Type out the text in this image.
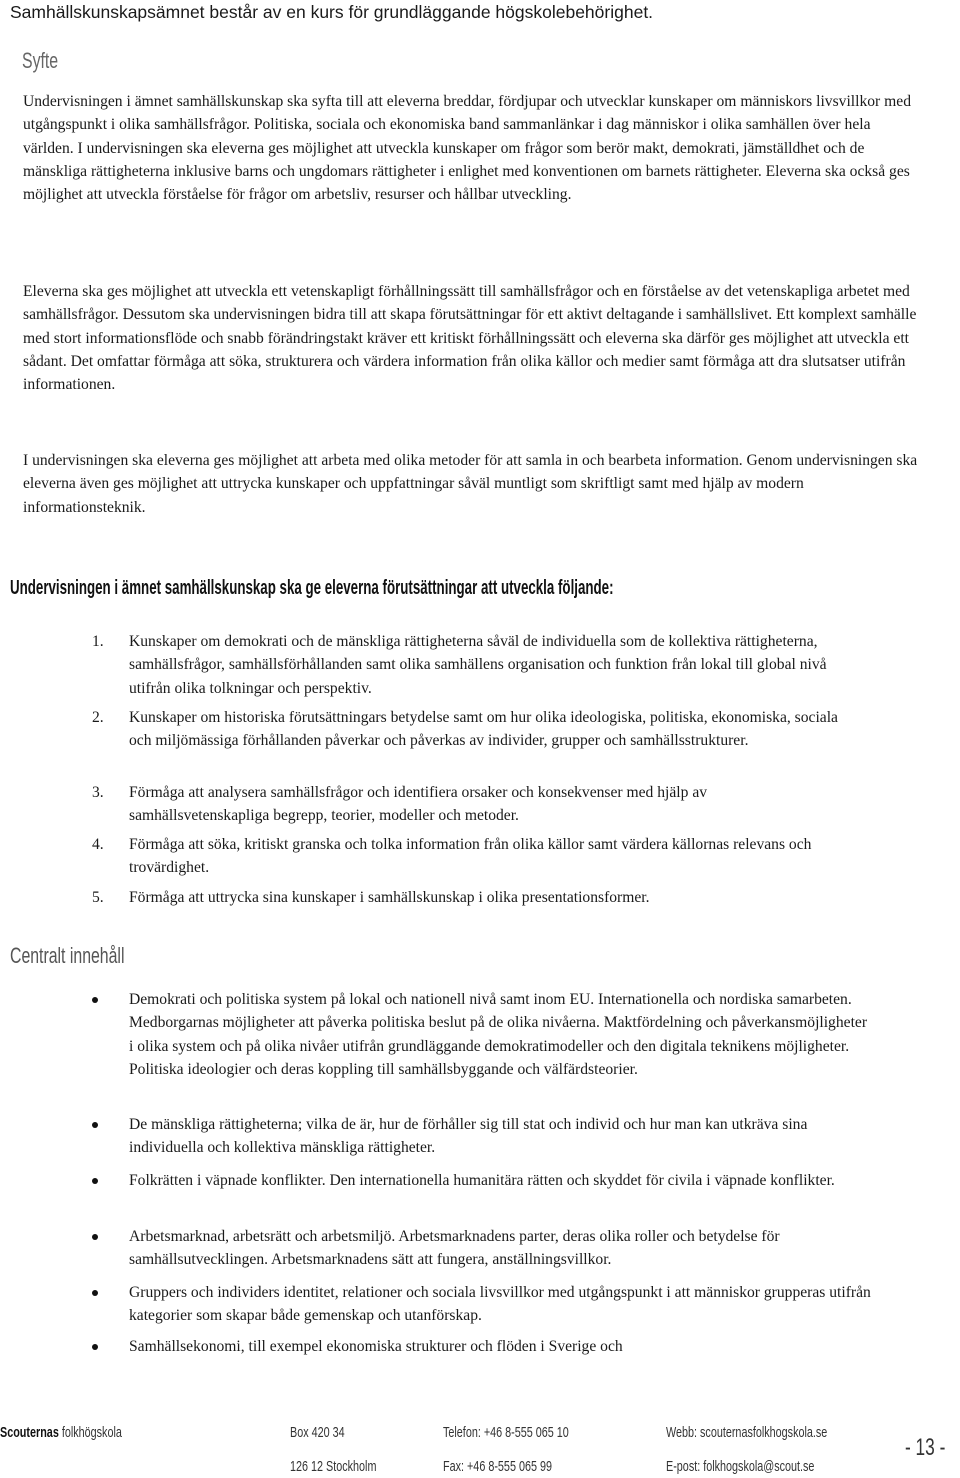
Samhällskunskapsämnet består av en kurs för grundläggande högskolebehörighet.
Syfte

Undervisningen i ämnet samhällskunskap ska syfta till att eleverna breddar, fördjupar och utvecklar kunskaper om människors livsvillkor med utgångspunkt i olika samhällsfrågor. Politiska, sociala och ekonomiska band sammanlänkar i dag människor i olika samhällen över hela världen. I undervisningen ska eleverna ges möjlighet att utveckla kunskaper om frågor som berör makt, demokrati, jämställdhet och de mänskliga rättigheterna inklusive barns och ungdomars rättigheter i enlighet med konventionen om barnets rättigheter. Eleverna ska också ges möjlighet att utveckla förståelse för frågor om arbetsliv, resurser och hållbar utveckling.

Eleverna ska ges möjlighet att utveckla ett vetenskapligt förhållningssätt till samhällsfrågor och en förståelse av det vetenskapliga arbetet med samhällsfrågor. Dessutom ska undervisningen bidra till att skapa förutsättningar för ett aktivt deltagande i samhällslivet. Ett komplext samhälle med stort informationsflöde och snabb förändringstakt kräver ett kritiskt förhållningssätt och eleverna ska därför ges möjlighet att utveckla ett sådant. Det omfattar förmåga att söka, strukturera och värdera information från olika källor och medier samt förmåga att dra slutsatser utifrån informationen.

I undervisningen ska eleverna ges möjlighet att arbeta med olika metoder för att samla in och bearbeta information. Genom undervisningen ska eleverna även ges möjlighet att uttrycka kunskaper och uppfattningar såväl muntligt som skriftligt samt med hjälp av modern informationsteknik.

Undervisningen i ämnet samhällskunskap ska ge eleverna förutsättningar att utveckla följande:
1.	Kunskaper om demokrati och de mänskliga rättigheterna såväl de individuella som de kollektiva rättigheterna, samhällsfrågor, samhällsförhållanden samt olika samhällens organisation och funktion från lokal till global nivå utifrån olika tolkningar och perspektiv.
2.	Kunskaper om historiska förutsättningars betydelse samt om hur olika ideologiska, politiska, ekonomiska, sociala och miljömässiga förhållanden påverkar och påverkas av individer, grupper och samhällsstrukturer.
3.	Förmåga att analysera samhällsfrågor och identifiera orsaker och konsekvenser med hjälp av samhällsvetenskapliga begrepp, teorier, modeller och metoder.
4.	Förmåga att söka, kritiskt granska och tolka information från olika källor samt värdera källornas relevans och trovärdighet.
5.	Förmåga att uttrycka sina kunskaper i samhällskunskap i olika presentationsformer.
Centralt innehåll
Demokrati och politiska system på lokal och nationell nivå samt inom EU. Internationella och nordiska samarbeten. Medborgarnas möjligheter att påverka politiska beslut på de olika nivåerna. Maktfördelning och påverkansmöjligheter i olika system och på olika nivåer utifrån grundläggande demokratimodeller och den digitala teknikens möjligheter. Politiska ideologier och deras koppling till samhällsbyggande och välfärdsteorier.
De mänskliga rättigheterna; vilka de är, hur de förhåller sig till stat och individ och hur man kan utkräva sina individuella och kollektiva mänskliga rättigheter.
Folkrätten i väpnade konflikter. Den internationella humanitära rätten och skyddet för civila i väpnade konflikter.
Arbetsmarknad, arbetsrätt och arbetsmiljö. Arbetsmarknadens parter, deras olika roller och betydelse för samhällsutvecklingen. Arbetsmarknadens sätt att fungera, anställningsvillkor.
Gruppers och individers identitet, relationer och sociala livsvillkor med utgångspunkt i att människor grupperas utifrån kategorier som skapar både gemenskap och utanförskap.
Samhällsekonomi, till exempel ekonomiska strukturer och flöden i Sverige och
Scouternas folkhögskola	Box 420 34
126 12 Stockholm
Telefon: +46 8-555 065 10
Fax: +46 8-555 065 99
Webb: scouternasfolkhogskola.se
E-post: folkhogskola@scout.se
- 13 -
